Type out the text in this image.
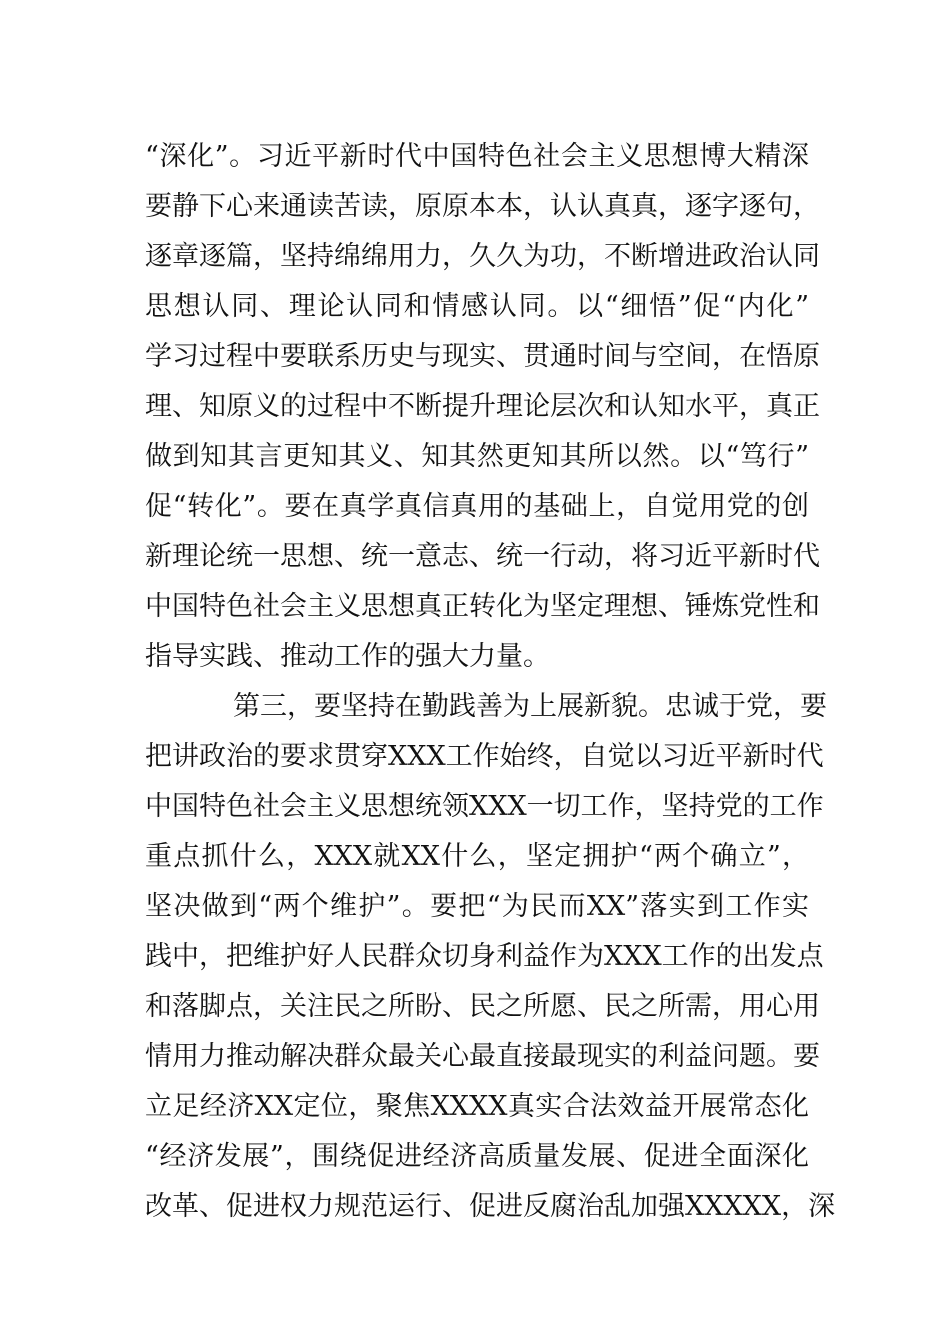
“深化”。习近平新时代中国特色社会主义思想博大精深
要静下心来通读苦读，原原本本，认认真真，逐字逐句，
逐章逐篇，坚持绵绵用力，久久为功，不断增进政治认同
思想认同、理论认同和情感认同。以“细悟”促“内化”
学习过程中要联系历史与现实、贯通时间与空间，在悟原
理、知原义的过程中不断提升理论层次和认知水平，真正
做到知其言更知其义、知其然更知其所以然。以“笃行”
促“转化”。要在真学真信真用的基础上，自觉用党的创
新理论统一思想、统一意志、统一行动，将习近平新时代
中国特色社会主义思想真正转化为坚定理想、锤炼党性和
指导实践、推动工作的强大力量。
第三，要坚持在勤践善为上展新貌。忠诚于党，要
把讲政治的要求贯穿XXX工作始终，自觉以习近平新时代
中国特色社会主义思想统领XXX一切工作，坚持党的工作
重点抓什么，XXX就XX什么，坚定拥护“两个确立”，
坚决做到“两个维护”。要把“为民而XX”落实到工作实
践中，把维护好人民群众切身利益作为XXX工作的出发点
和落脚点，关注民之所盼、民之所愿、民之所需，用心用
情用力推动解决群众最关心最直接最现实的利益问题。要
立足经济XX定位，聚焦XXXX真实合法效益开展常态化
“经济发展”，围绕促进经济高质量发展、促进全面深化
改革、促进权力规范运行、促进反腐治乱加强XXXXX，深
